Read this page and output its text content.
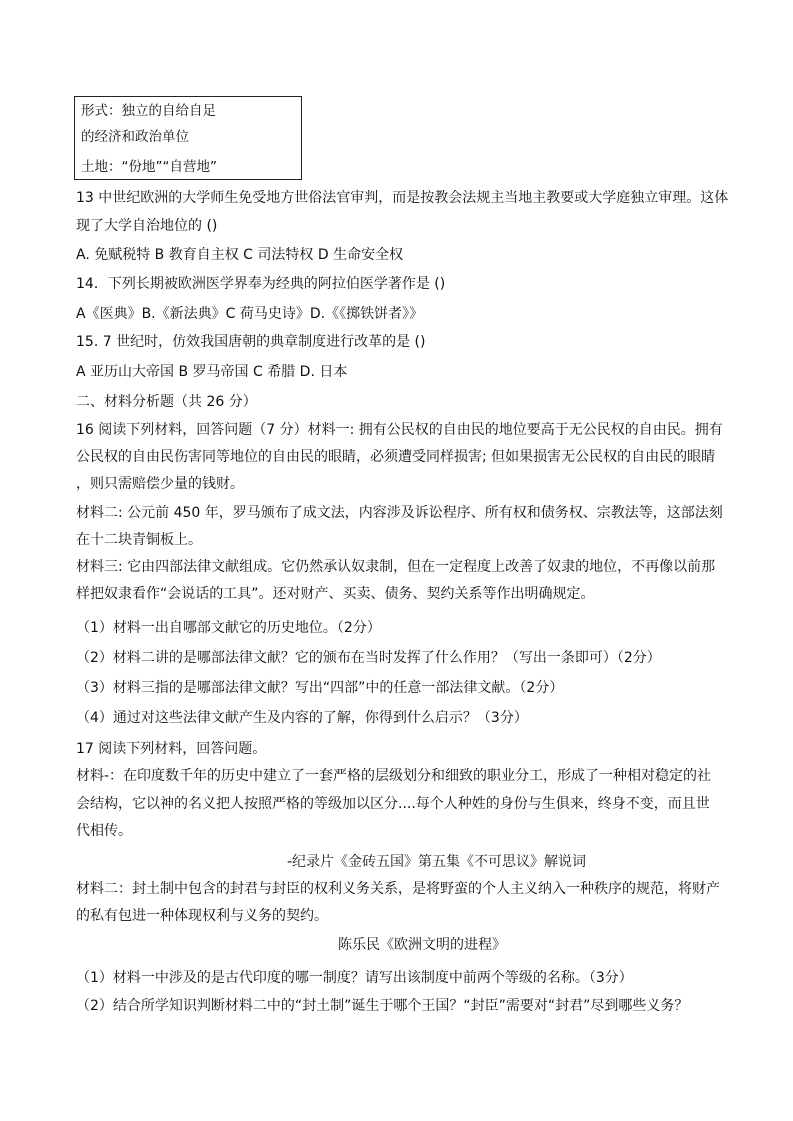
形式：独立的自给自足
的经济和政治单位
土地：“份地”“自营地”
13 中世纪欧洲的大学师生免受地方世俗法官审判，而是按教会法规主当地主教要或大学庭独立审理。这体
现了大学自治地位的 ()
A. 免赋税特 B 教育自主权 C 司法特权 D 生命安全权
14．下列长期被欧洲医学界奉为经典的阿拉伯医学著作是 ()
A《医典》B.《新法典》C 荷马史诗》D.《《掷铁饼者》》
15. 7 世纪时，仿效我国唐朝的典章制度进行改革的是 ()
A 亚历山大帝国 B 罗马帝国 C 希腊 D. 日本
二、材料分析题（共 26 分）
16 阅读下列材料，回答问题（7 分）材料一: 拥有公民权的自由民的地位要高于无公民权的自由民。拥有
公民权的自由民伤害同等地位的自由民的眼睛，必须遭受同样损害; 但如果损害无公民权的自由民的眼睛
，则只需赔偿少量的钱财。
材料二: 公元前 450 年，罗马颁布了成文法，内容涉及诉讼程序、所有权和债务权、宗教法等，这部法刻
在十二块青铜板上。
材料三: 它由四部法律文献组成。它仍然承认奴隶制，但在一定程度上改善了奴隶的地位，不再像以前那
样把奴隶看作“会说话的工具”。还对财产、买卖、债务、契约关系等作出明确规定。
（1）材料一出自哪部文献它的历史地位。（2分）
（2）材料二讲的是哪部法律文献？它的颁布在当时发挥了什么作用？（写出一条即可）（2分）
（3）材料三指的是哪部法律文献？写出“四部”中的任意一部法律文献。（2分）
（4）通过对这些法律文献产生及内容的了解，你得到什么启示？（3分）
17 阅读下列材料，回答问题。
材料-：在印度数千年的历史中建立了一套严格的层级划分和细致的职业分工，形成了一种相对稳定的社
会结构，它以神的名义把人按照严格的等级加以区分....每个人种姓的身份与生俱来，终身不变，而且世
代相传。
-纪录片《金砖五国》第五集《不可思议》解说词
材料二：封土制中包含的封君与封臣的权利义务关系，是将野蛮的个人主义纳入一种秩序的规范，将财产
的私有包进一种体现权利与义务的契约。
陈乐民《欧洲文明的进程》
（1）材料一中涉及的是古代印度的哪一制度？请写出该制度中前两个等级的名称。（3分）
（2）结合所学知识判断材料二中的“封土制”诞生于哪个王国？“封臣”需要对“封君”尽到哪些义务？
